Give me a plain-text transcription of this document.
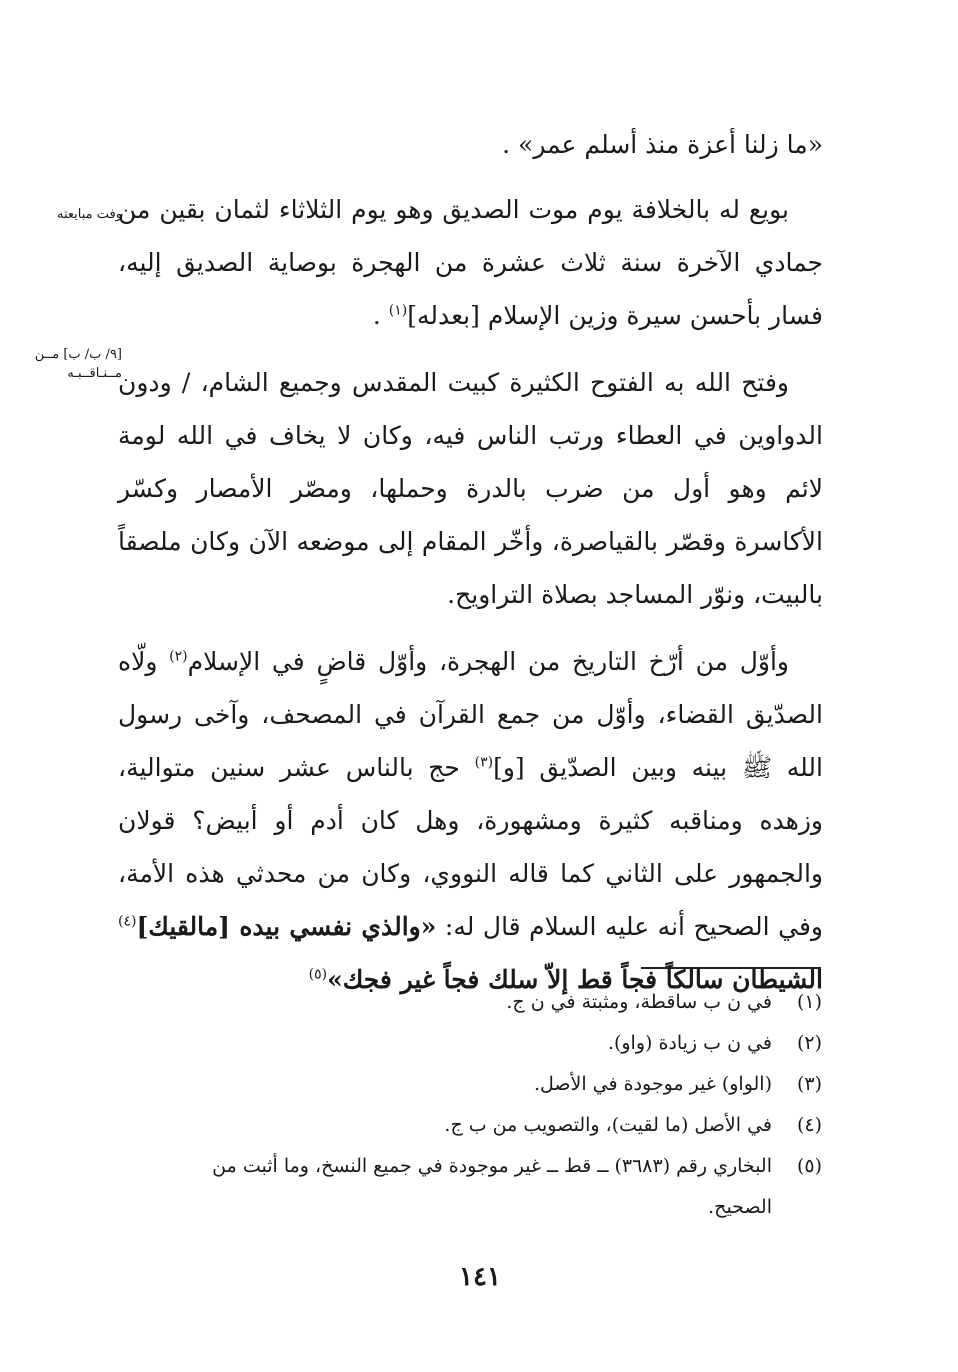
وفت مبايعته
[٩/ ب/ ب] مــن مــنـاقــبـه

«ما زلنا أعزة منذ أسلم عمر» .

بويع له بالخلافة يوم موت الصديق وهو يوم الثلاثاء لثمان بقين من جمادي الآخرة سنة ثلاث عشرة من الهجرة بوصاية الصديق إليه، فسار بأحسن سيرة وزين الإسلام [بعدله]$^{(١)}$ .

وفتح الله به الفتوح الكثيرة كبيت المقدس وجميع الشام، / ودون الدواوين في العطاء ورتب الناس فيه، وكان لا يخاف في الله لومة لائم وهو أول من ضرب بالدرة وحملها، ومصّر الأمصار وكسّر الأكاسرة وقصّر بالقياصرة، وأخّر المقام إلى موضعه الآن وكان ملصقاً بالبيت، ونوّر المساجد بصلاة التراويح.

وأوّل من أرّخ التاريخ من الهجرة، وأوّل قاضٍ في الإسلام$^{(٢)}$ ولّاه الصدّيق القضاء، وأوّل من جمع القرآن في المصحف، وآخى رسول الله ﷺ بينه وبين الصدّيق [و]$^{(٣)}$ حج بالناس عشر سنين متوالية، وزهده ومناقبه كثيرة ومشهورة، وهل كان أدم أو أبيض؟ قولان والجمهور على الثاني كما قاله النووي، وكان من محدثي هذه الأمة، وفي الصحيح أنه عليه السلام قال له: «والذي نفسي بيده [مالقيك]$^{(٤)}$ الشيطان سالكاً فجاً قط إلاّ سلك فجاً غير فجك»$^{(٥)}$

(١)
في ن ب ساقطة، ومثبتة في ن ج.
(٢)
في ن ب زيادة (واو).
(٣)
(الواو) غير موجودة في الأصل.
(٤)
في الأصل (ما لقيت)، والتصويب من ب ج.
(٥)
البخاري رقم (٣٦٨٣) ــ قط ــ غير موجودة في جميع النسخ، وما أثبت من الصحيح.
١٤١
